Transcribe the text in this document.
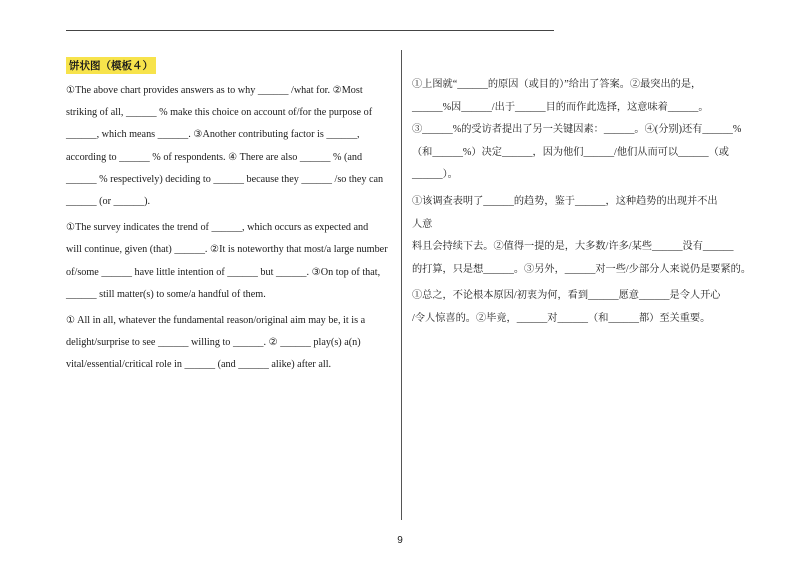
饼状图（模板４）
①The above chart provides answers as to why ______ /what for. ②Most
striking of all, ______ % make this choice on account of/for the purpose of
______, which means ______. ③Another contributing factor is ______,
according to ______ % of respondents. ④ There are also ______ % (and
______ % respectively) deciding to ______ because they ______ /so they can
______ (or ______).
①The survey indicates the trend of ______, which occurs as expected and
will continue, given (that) ______. ②It is noteworthy that most/a large number
of/some ______ have little intention of ______ but ______. ③On top of that,
______ still matter(s) to some/a handful of them.
① All in all, whatever the fundamental reason/original aim may be, it is a
delight/surprise to see ______ willing to ______. ② ______ play(s) a(n)
vital/essential/critical role in ______ (and ______ alike) after all.
①上图就“______的原因（或目的）”给出了答案。②最突出的是，
______%因______/出于______目的而作此选择，这意味着______。
③______%的受访者提出了另一关键因素：______。④(分别)还有______%
（和______%）决定______，因为他们______/他们从而可以______（或
______）。
①该调查表明了______的趋势，鉴于______，这种趋势的出现并不出
人意
料且会持续下去。②值得一提的是，大多数/许多/某些______没有______
的打算，只是想______。③另外，______对一些/少部分人来说仍是要紧的。
①总之，不论根本原因/初衷为何，看到______愿意______是令人开心
/令人惊喜的。②毕竟，______对______（和______都）至关重要。
9
